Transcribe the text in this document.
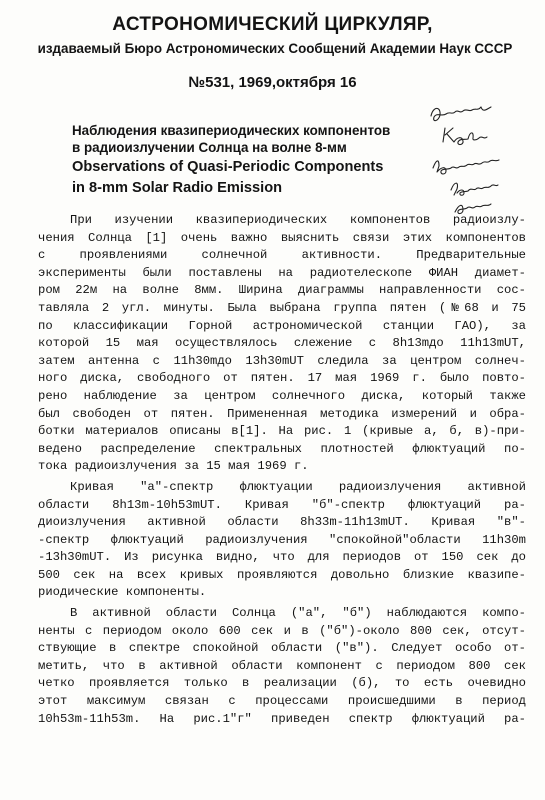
АСТРОНОМИЧЕСКИЙ ЦИРКУЛЯР,
издаваемый Бюро Астрономических Сообщений Академии Наук СССР
№531, 1969,октября 16
Наблюдения квазипериодических компонентов
в радиоизлучении Солнца на волне 8-мм
Observations of Quasi-Periodic Components
in 8-mm Solar Radio Emission

При изучении квазипериодических компонентов радиоизлу-
чения Солнца [1] очень важно выяснить связи этих компонентов
с проявлениями солнечной активности. Предварительные
эксперименты были поставлены на радиотелескопе ФИАН диамет-
ром 22м на волне 8мм. Ширина диаграммы направленности сос-
тавляла 2 угл. минуты. Была выбрана группа пятен (№68 и 75
по классификации Горной астрономической станции ГАО), за
которой 15 мая осуществлялось слежение с 8h13mдо 11h13mUT,
затем антенна с 11h30mдо 13h30mUT следила за центром солнеч-
ного диска, свободного от пятен. 17 мая 1969 г. было повто-
рено наблюдение за центром солнечного диска, который также
был свободен от пятен. Примененная методика измерений и обра-
ботки материалов описаны в[1]. На рис. 1 (кривые а, б, в)-при-
ведено распределение спектральных плотностей флюктуаций по-
тока радиоизлучения за 15 мая 1969 г.

Кривая "а"-спектр флюктуации радиоизлучения активной
области 8h13m-10h53mUT. Кривая "б"-спектр флюктуаций ра-
диоизлучения активной области 8h33m-11h13mUT. Кривая "в"-
-спектр флюктуаций радиоизлучения "спокойной"области 11h30m
-13h30mUT. Из рисунка видно, что для периодов от 150 сек до
500 сек на всех кривых проявляются довольно близкие квазипе-
риодические компоненты.

В активной области Солнца ("а", "б") наблюдаются компо-
ненты с периодом около 600 сек и в ("б")-около 800 сек, отсут-
ствующие в спектре спокойной области ("в"). Следует особо от-
метить, что в активной области компонент с периодом 800 сек
четко проявляется только в реализации (б), то есть очевидно
этот максимум связан с процессами происшедшими в период
10h53m-11h53m. На рис.1"г" приведен спектр флюктуаций ра-
